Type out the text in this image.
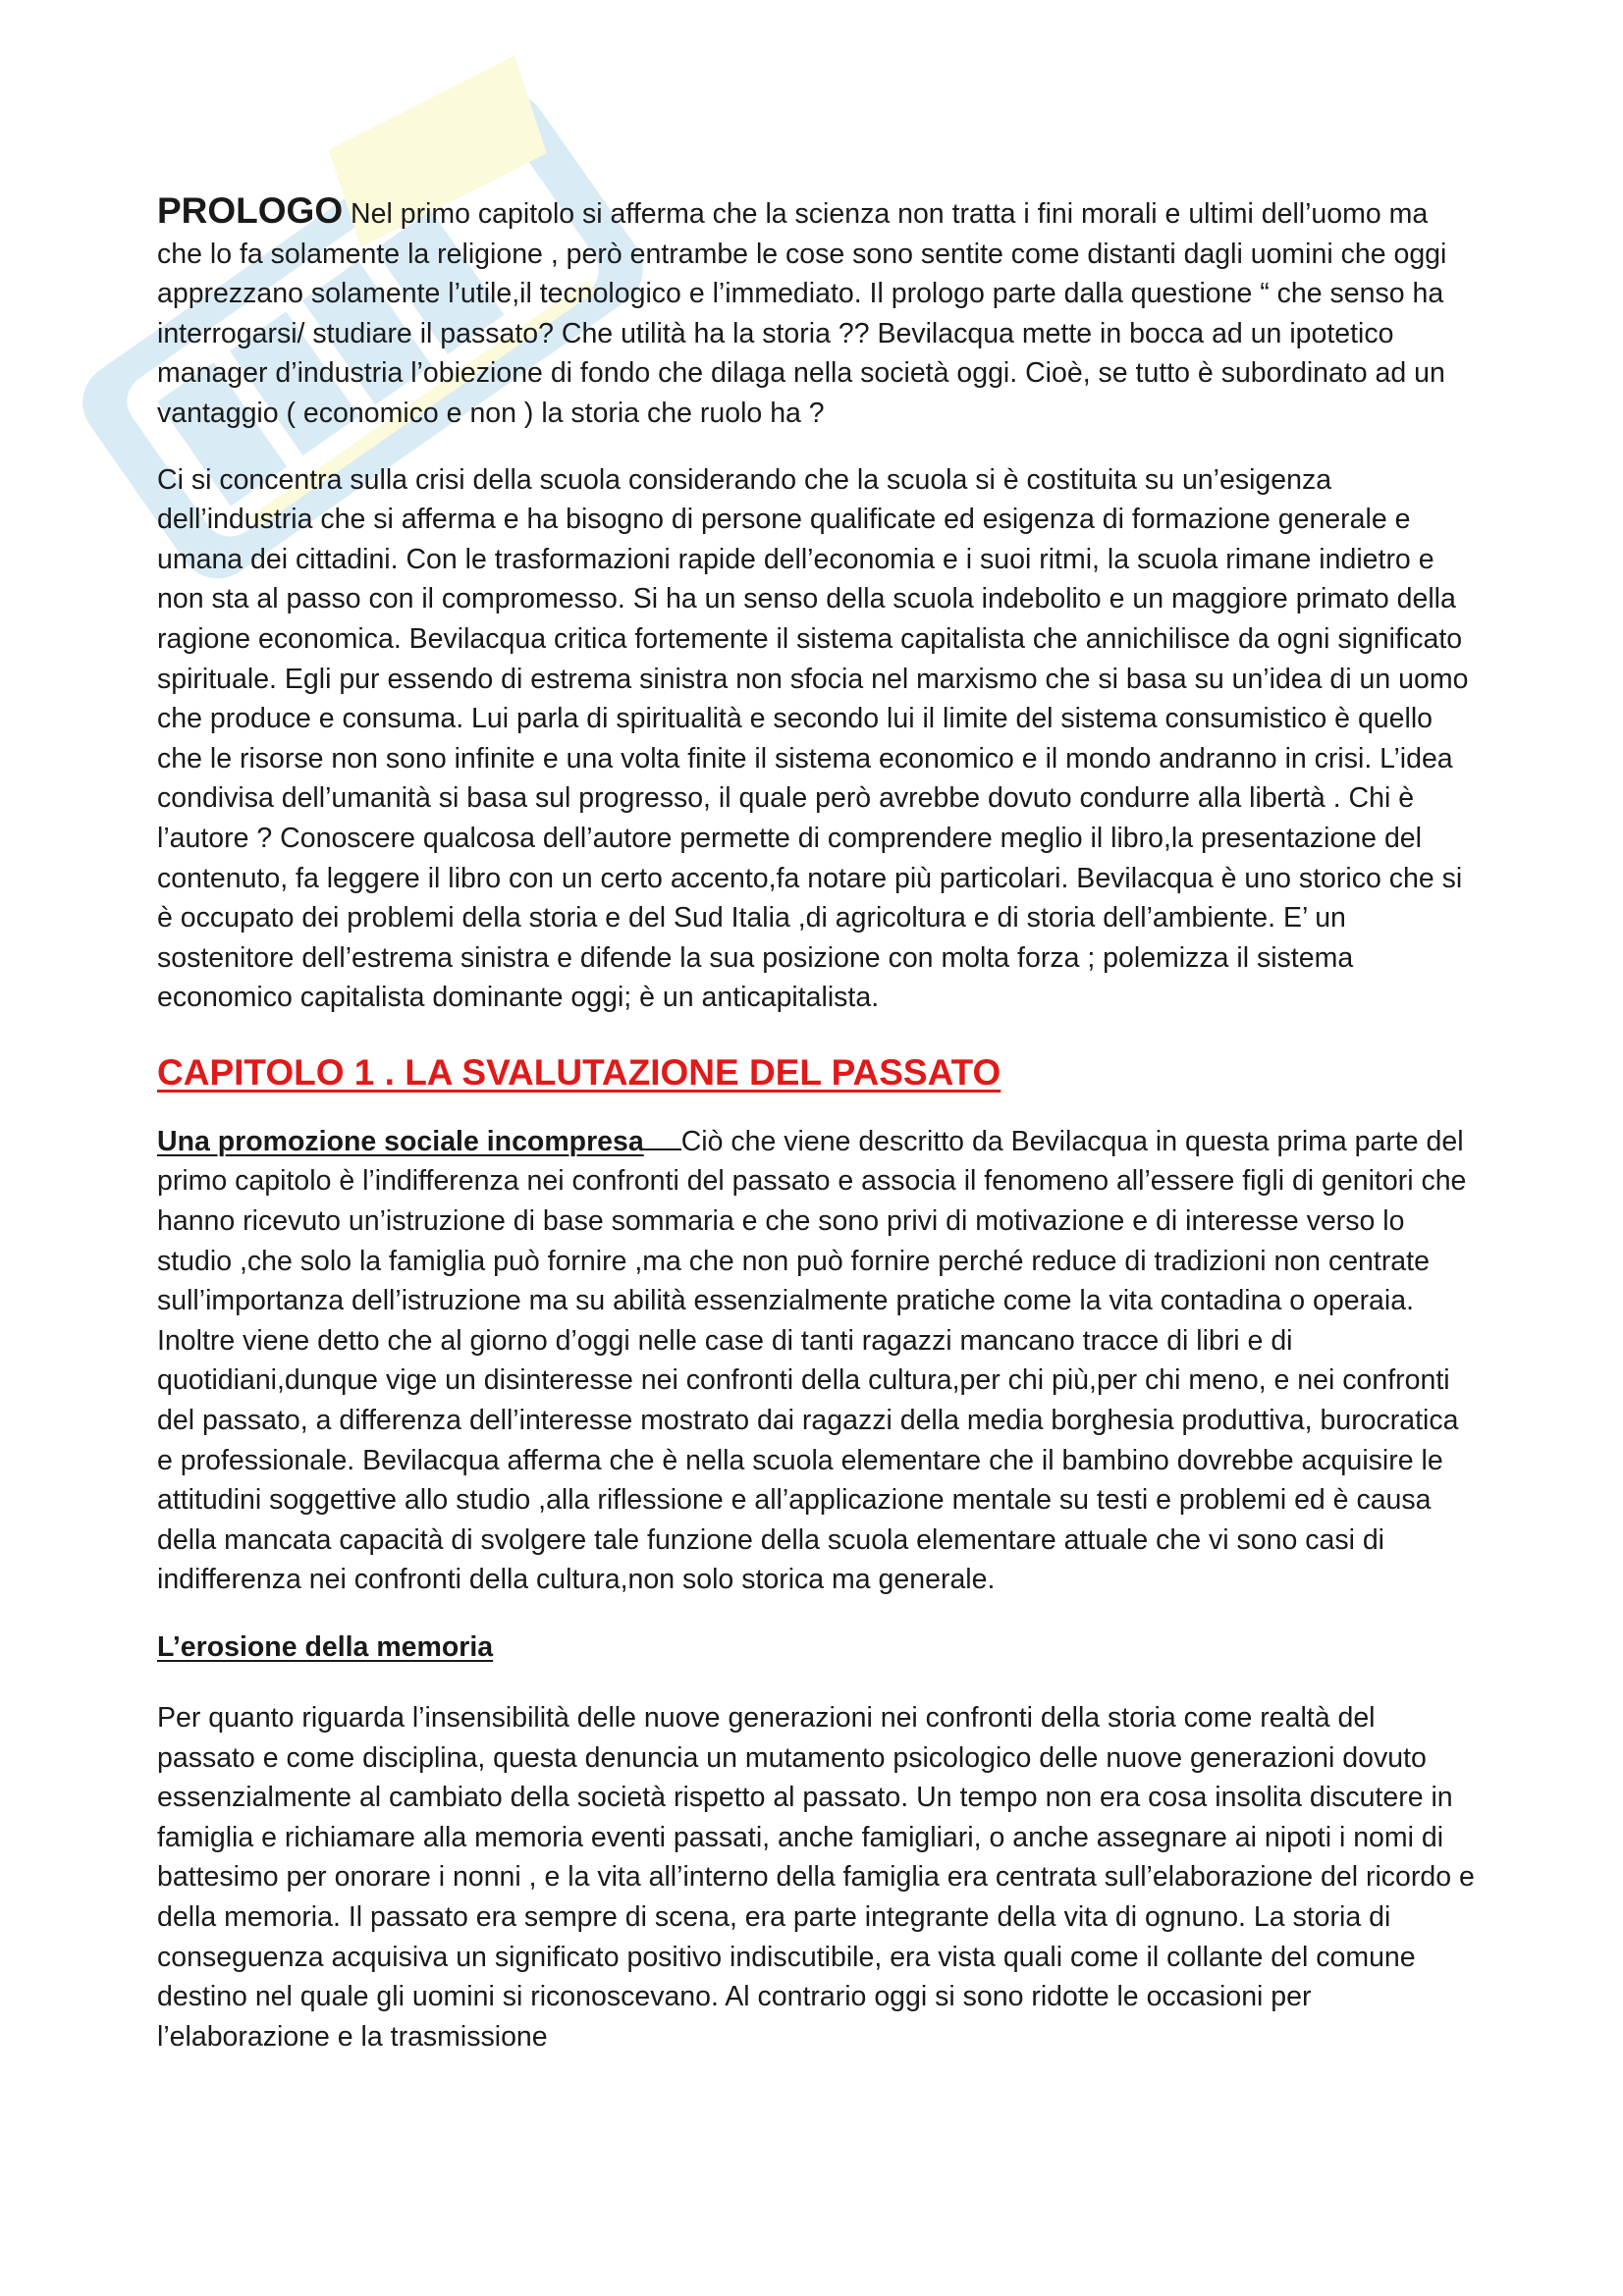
PROLOGO Nel primo capitolo si afferma che la scienza non tratta i fini morali e ultimi dell’uomo ma che lo fa solamente la religione , però entrambe le cose sono sentite come distanti dagli uomini che oggi apprezzano solamente l’utile,il tecnologico e l’immediato. Il prologo parte dalla questione “ che senso ha interrogarsi/ studiare il passato? Che utilità ha la storia ?? Bevilacqua mette in bocca ad un ipotetico manager d’industria l’obiezione di fondo che dilaga nella società oggi. Cioè, se tutto è subordinato ad un vantaggio ( economico e non ) la storia che ruolo ha ?

Ci si concentra sulla crisi della scuola considerando che la scuola si è costituita su un’esigenza dell’industria che si afferma e ha bisogno di persone qualificate ed esigenza di formazione generale e umana dei cittadini. Con le trasformazioni rapide dell’economia e i suoi ritmi, la scuola rimane indietro e non sta al passo con il compromesso. Si ha un senso della scuola indebolito e un maggiore primato della ragione economica. Bevilacqua critica fortemente il sistema capitalista che annichilisce da ogni significato spirituale. Egli pur essendo di estrema sinistra non sfocia nel marxismo che si basa su un’idea di un uomo che produce e consuma. Lui parla di spiritualità e secondo lui il limite del sistema consumistico è quello che le risorse non sono infinite e una volta finite il sistema economico e il mondo andranno in crisi. L’idea condivisa dell’umanità si basa sul progresso, il quale però avrebbe dovuto condurre alla libertà . Chi è l’autore ? Conoscere qualcosa dell’autore permette di comprendere meglio il libro,la presentazione del contenuto, fa leggere il libro con un certo accento,fa notare più particolari. Bevilacqua è uno storico che si è occupato dei problemi della storia e del Sud Italia ,di agricoltura e di storia dell’ambiente. E’ un sostenitore dell’estrema sinistra e difende la sua posizione con molta forza ; polemizza il sistema economico capitalista dominante oggi; è un anticapitalista.

CAPITOLO 1 . LA SVALUTAZIONE DEL PASSATO

Una promozione sociale incompresa Ciò che viene descritto da Bevilacqua in questa prima parte del primo capitolo è l’indifferenza nei confronti del passato e associa il fenomeno all’essere figli di genitori che hanno ricevuto un’istruzione di base sommaria e che sono privi di motivazione e di interesse verso lo studio ,che solo la famiglia può fornire ,ma che non può fornire perché reduce di tradizioni non centrate sull’importanza dell’istruzione ma su abilità essenzialmente pratiche come la vita contadina o operaia. Inoltre viene detto che al giorno d’oggi nelle case di tanti ragazzi mancano tracce di libri e di quotidiani,dunque vige un disinteresse nei confronti della cultura,per chi più,per chi meno, e nei confronti del passato, a differenza dell’interesse mostrato dai ragazzi della media borghesia produttiva, burocratica e professionale. Bevilacqua afferma che è nella scuola elementare che il bambino dovrebbe acquisire le attitudini soggettive allo studio ,alla riflessione e all’applicazione mentale su testi e problemi ed è causa della mancata capacità di svolgere tale funzione della scuola elementare attuale che vi sono casi di indifferenza nei confronti della cultura,non solo storica ma generale.

L’erosione della memoria

Per quanto riguarda l’insensibilità delle nuove generazioni nei confronti della storia come realtà del passato e come disciplina, questa denuncia un mutamento psicologico delle nuove generazioni dovuto essenzialmente al cambiato della società rispetto al passato. Un tempo non era cosa insolita discutere in famiglia e richiamare alla memoria eventi passati, anche famigliari, o anche assegnare ai nipoti i nomi di battesimo per onorare i nonni , e la vita all’interno della famiglia era centrata sull’elaborazione del ricordo e della memoria. Il passato era sempre di scena, era parte integrante della vita di ognuno. La storia di conseguenza acquisiva un significato positivo indiscutibile, era vista quali come il collante del comune destino nel quale gli uomini si riconoscevano. Al contrario oggi si sono ridotte le occasioni per l’elaborazione e la trasmissione
